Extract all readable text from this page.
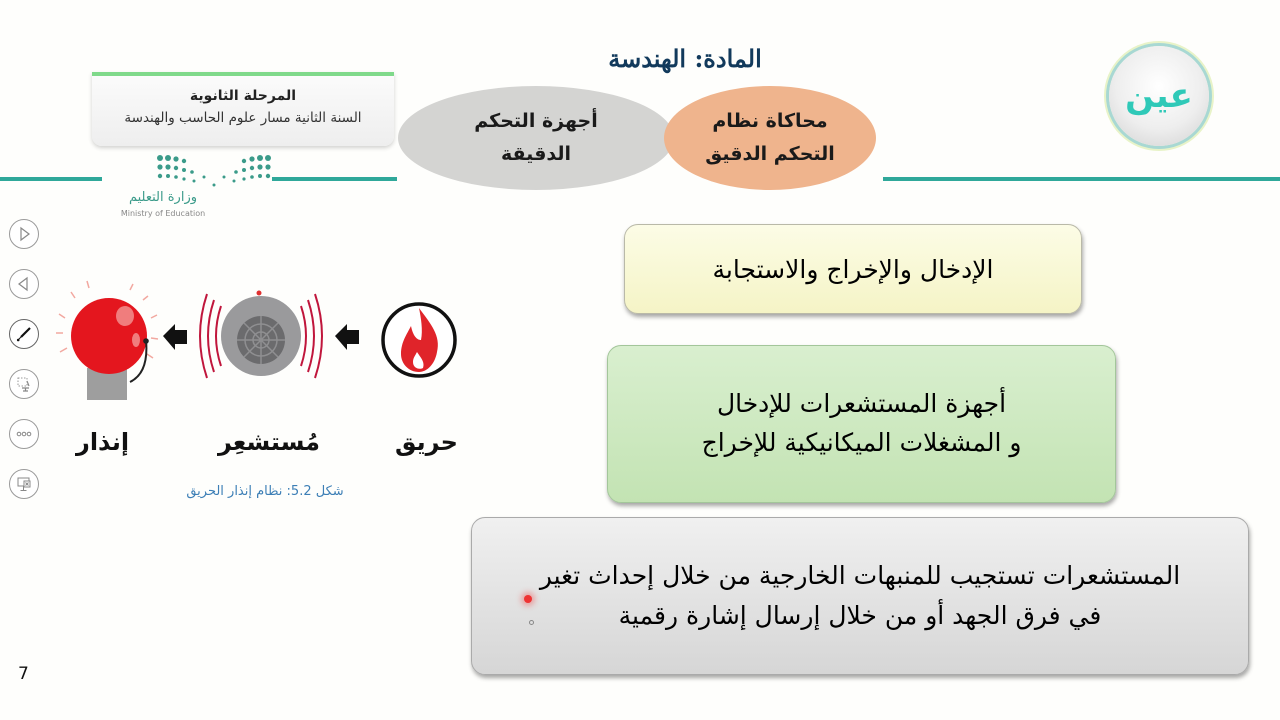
المرحلة الثانوية
السنة الثانية مسار علوم الحاسب والهندسة
وزارة التعليم
Ministry of Education
المادة: الهندسة
أجهزة التحكم
الدقيقة
محاكاة نظام
التحكم الدقيق
عين
حريق
مُستشعِر
إنذار
شكل 5.2: نظام إنذار الحريق
الإدخال والإخراج والاستجابة
أجهزة المستشعرات للإدخال
و المشغلات الميكانيكية للإخراج
المستشعرات تستجيب للمنبهات الخارجية من خلال إحداث تغير
في فرق الجهد أو من خلال إرسال إشارة رقمية
7
